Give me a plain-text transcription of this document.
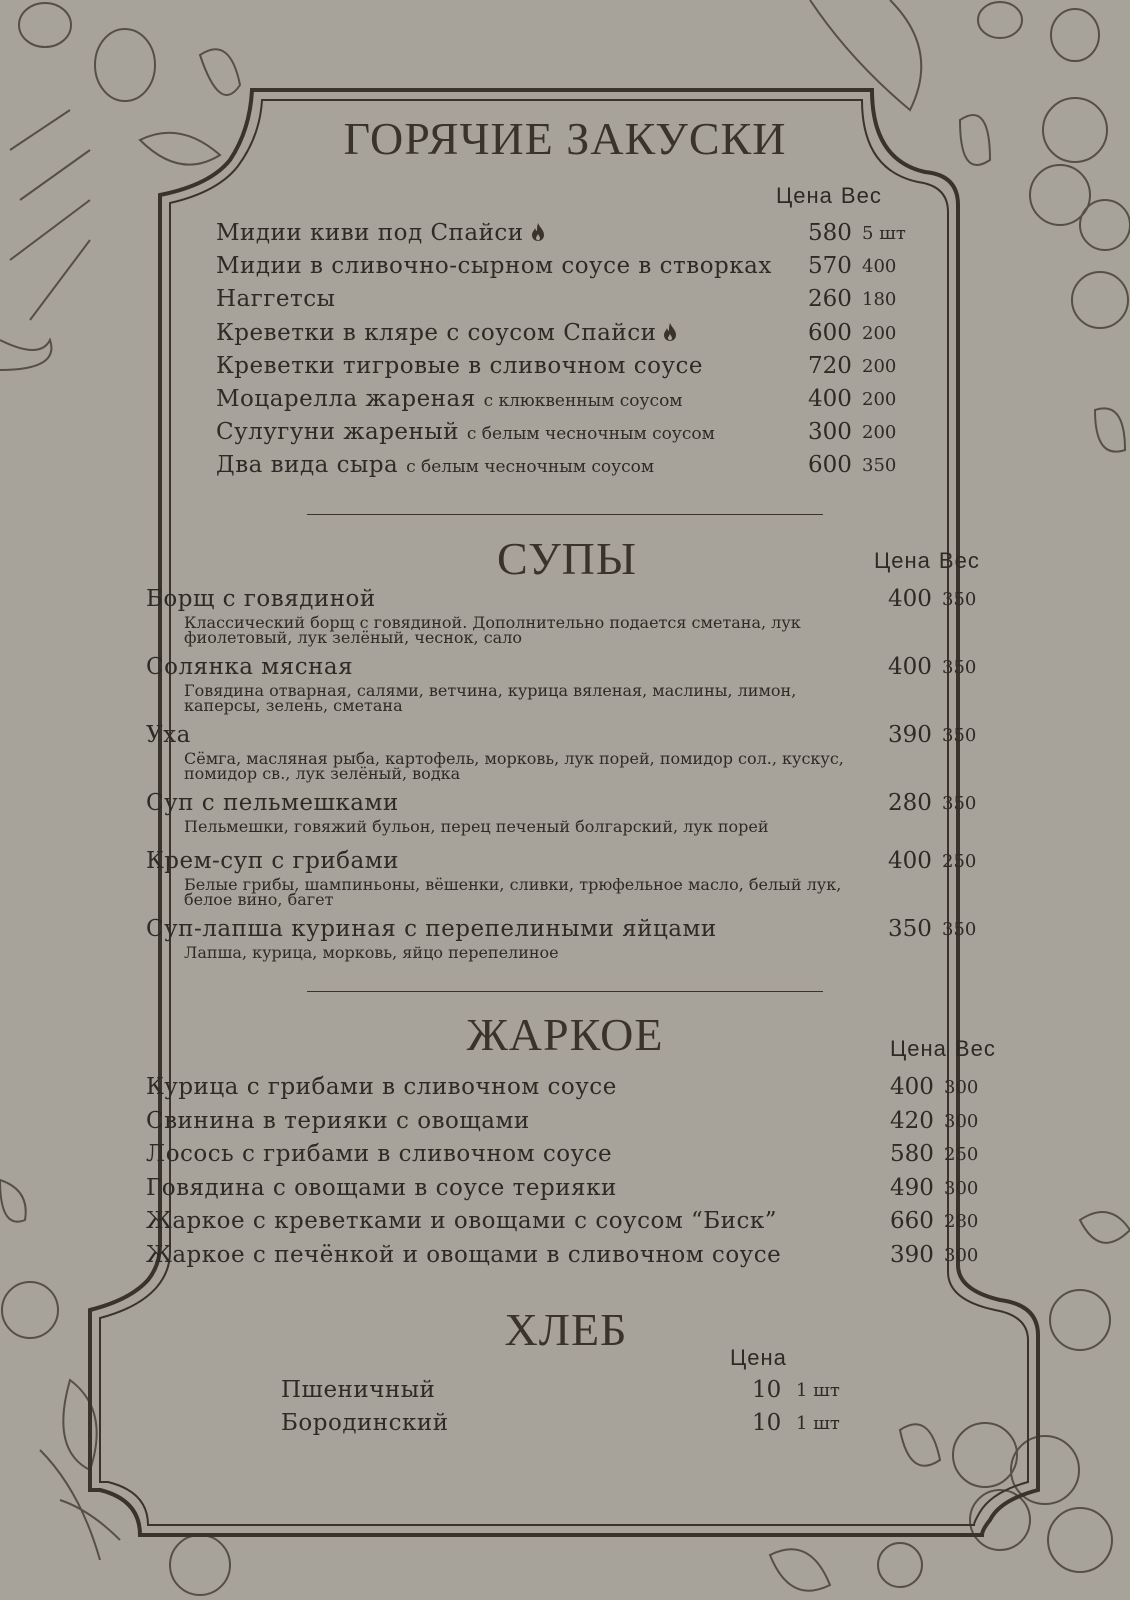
ГОРЯЧИЕ ЗАКУСКИ
Цена Вес
Мидии киви под Спайси	580 5 шт
Мидии в сливочно-сырном соусе в створках 570 400
Наггетсы	260 180
Креветки в кляре с соусом Спайси	600 200
Креветки тигровые в сливочном соусе	720 200
Моцарелла жареная с клюквенным соусом	400 200
Сулугуни жареный с белым чесночным соусом	300 200
Два вида сыра с белым чесночным соусом	600 350
СУПЫ	Цена Вес
Борщ с говядиной
Классический борщ с говядиной. Дополнительно подается сметана, лук фиолетовый, лук зелёный, чеснок, сало
400 350
Солянка мясная
Говядина отварная, салями, ветчина, курица вяленая, маслины, лимон, каперсы, зелень, сметана
400 350
Уха
Сёмга, масляная рыба, картофель, морковь, лук порей, помидор сол., кускус, помидор св., лук зелёный, водка
390 350
Суп с пельмешками
Пельмешки, говяжий бульон, перец печеный болгарский, лук порей
280 350
Крем-суп с грибами
Белые грибы, шампиньоны, вёшенки, сливки, трюфельное масло, белый лук, белое вино, багет
400 250
Суп-лапша куриная с перепелиными яйцами
Лапша, курица, морковь, яйцо перепелиное
350 350
ЖАРКОЕ	Цена Вес
Курица с грибами в сливочном соусе	400 300
Свинина в терияки с овощами	420 300
Лосось с грибами в сливочном соусе	580 250
Говядина с овощами в соусе терияки	490 300
Жаркое с креветками и овощами с соусом “Биск”	660 280
Жаркое с печёнкой и овощами в сливочном соусе	390 300
ХЛЕБ
Цена
Пшеничный	10 1 шт
Бородинский	10 1 шт
